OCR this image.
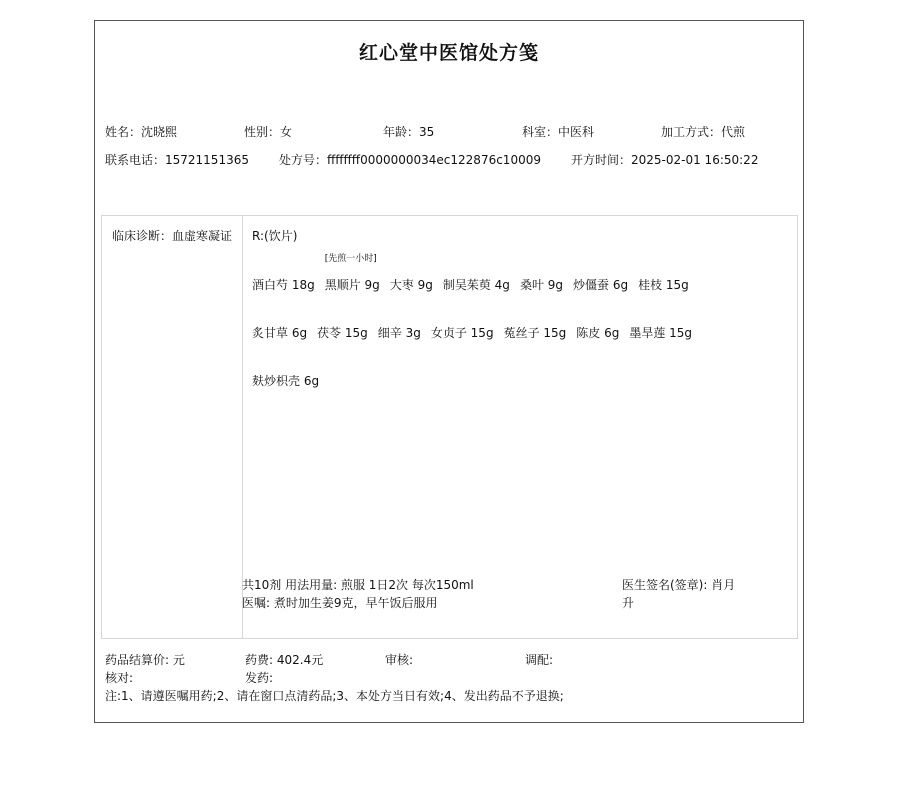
红心堂中医馆处方笺
姓名：沈晓熙	性别：女	年龄：35	科室：中医科	加工方式：代煎
联系电话：15721151365	处方号：ffffffff0000000034ec122876c10009	开方时间：2025-02-01 16:50:22
临床诊断：血虚寒凝证	R:(饮片)
酒白芍 18g 黑顺片 9g
[先煎一小时]
大枣 9g 制吴茱萸 4g 桑叶 9g 炒僵蚕 6g 桂枝 15g
炙甘草 6g 茯苓 15g 细辛 3g 女贞子 15g 菟丝子 15g 陈皮 6g 墨旱莲 15g
麸炒枳壳 6g
共10剂 用法用量: 煎服 1日2次 每次150ml
医嘱: 煮时加生姜9克，早午饭后服用
医生签名(签章): 肖月升
药品结算价: 元	药费: 402.4元	审核:	调配:
核对:	发药:
注:1、请遵医嘱用药;2、请在窗口点清药品;3、本处方当日有效;4、发出药品不予退换;
